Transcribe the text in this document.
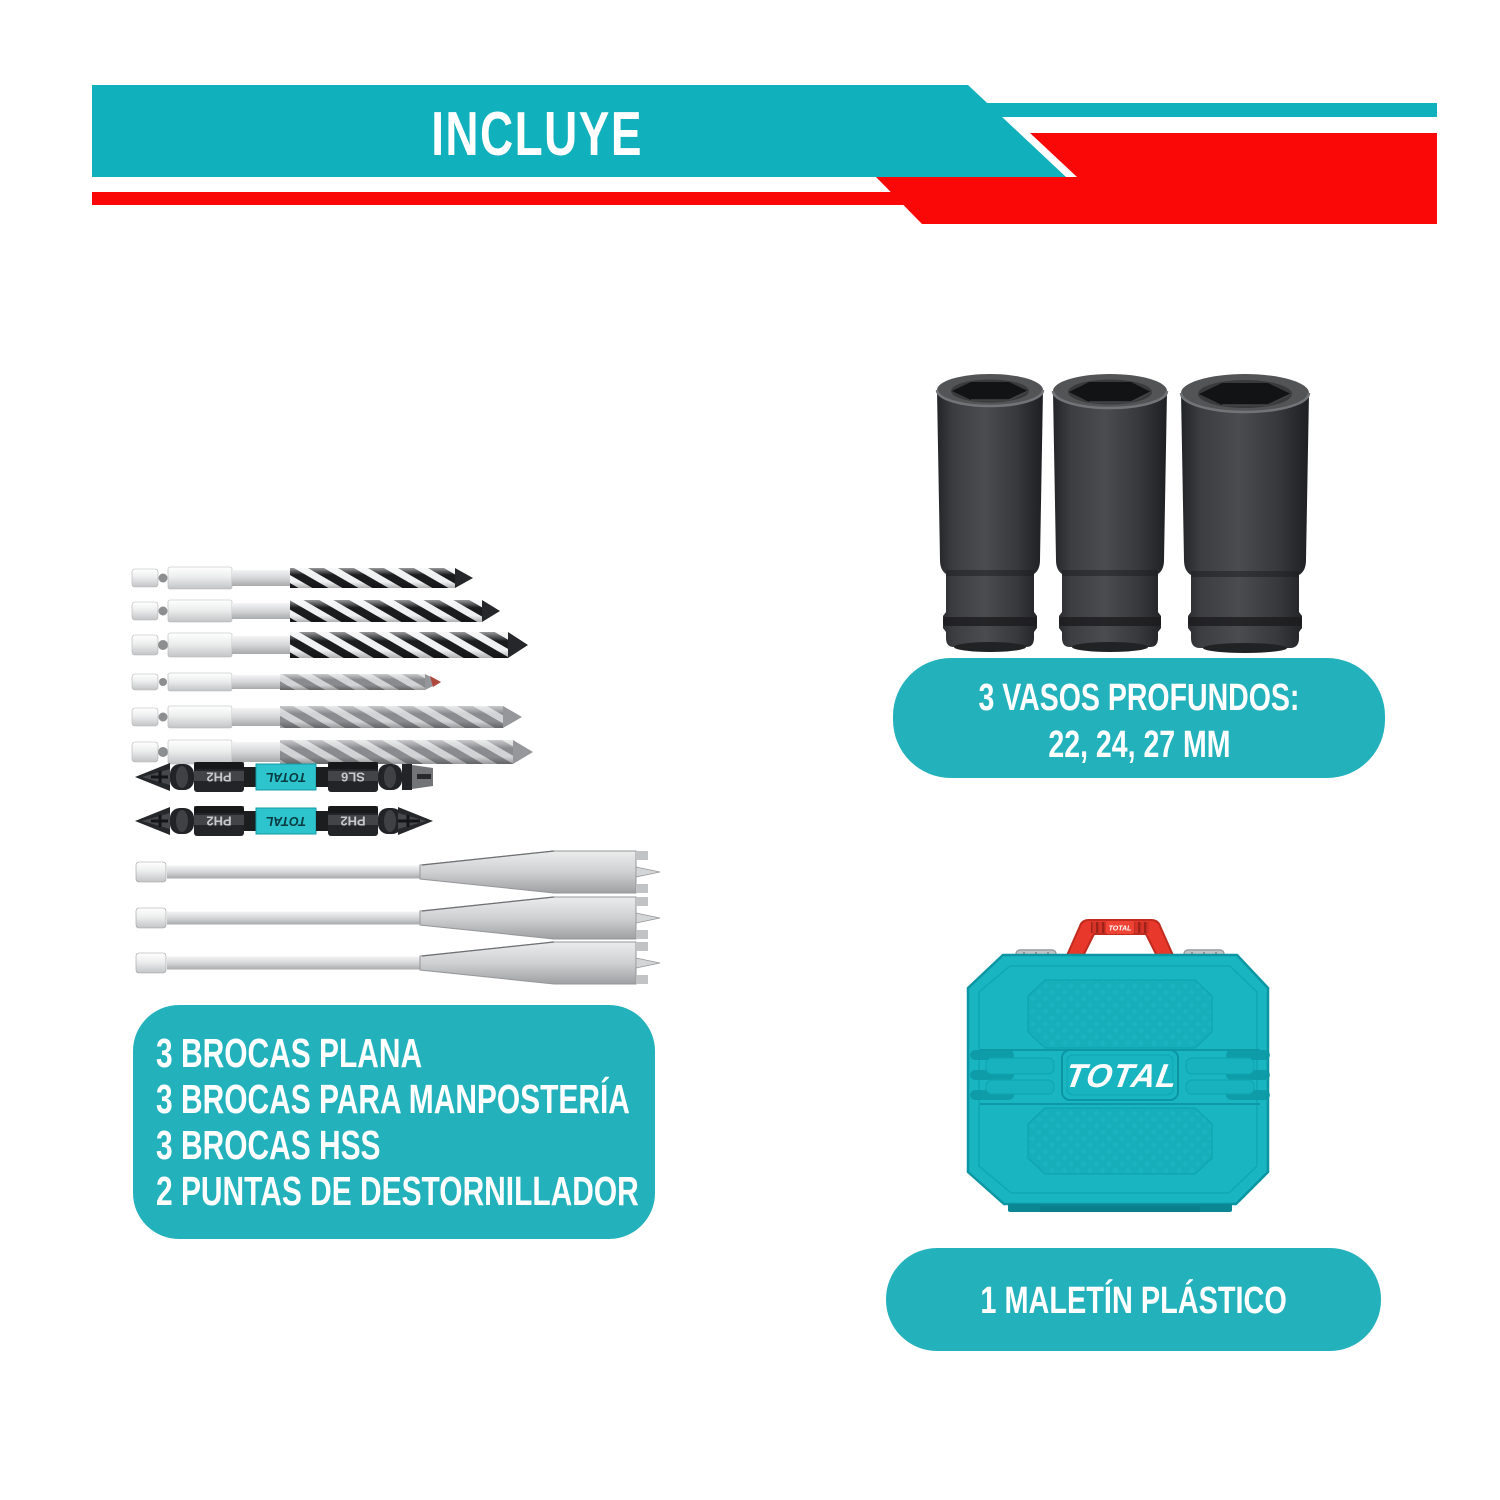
INCLUYE
PH2	TOTAL	SL6
PH2	TOTAL	PH2
TOTAL
TOTAL
3 BROCAS PLANA
3 BROCAS PARA MANPOSTERÍA
3 BROCAS HSS
2 PUNTAS DE DESTORNILLADOR
3 VASOS PROFUNDOS:
22, 24, 27 MM
1 MALETÍN PLÁSTICO
